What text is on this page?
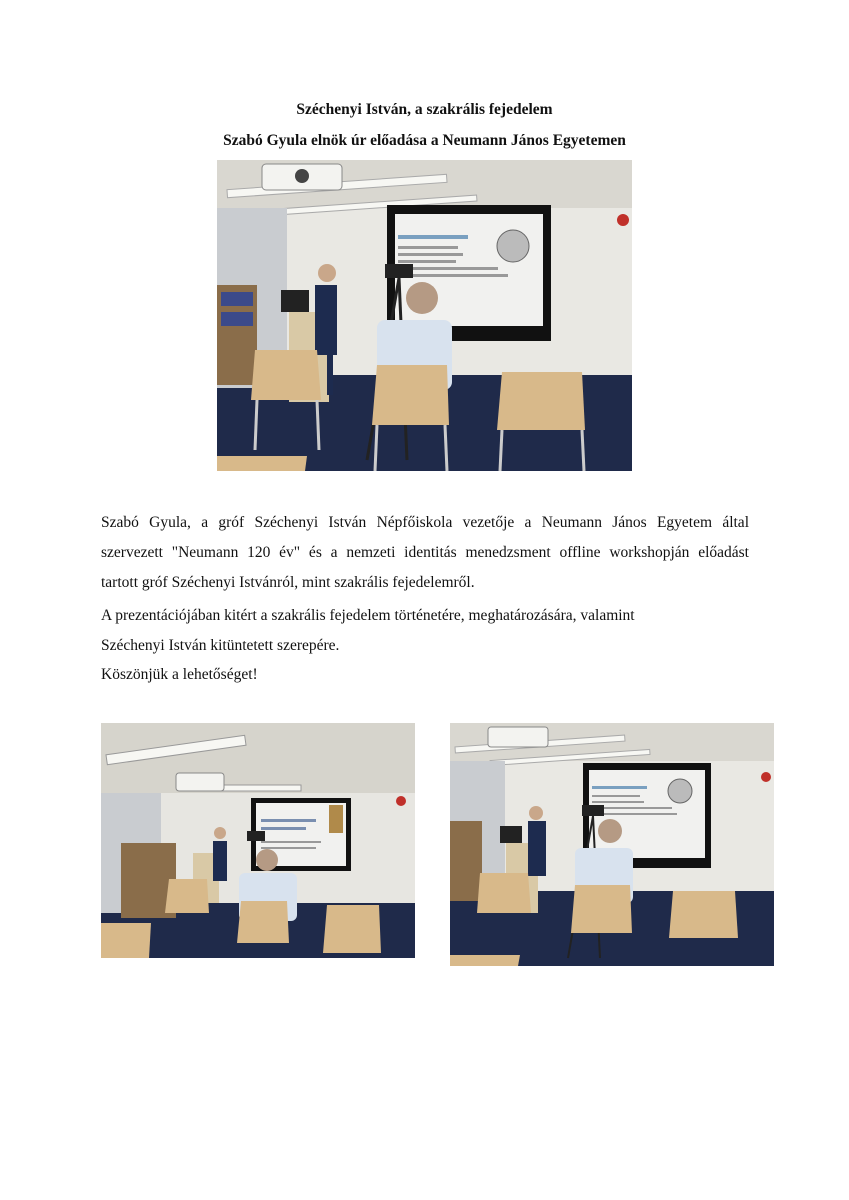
Széchenyi István, a szakrális fejedelem
Szabó Gyula elnök úr előadása a Neumann János Egyetemen

Szabó Gyula, a gróf Széchenyi István Népfőiskola vezetője a Neumann János Egyetem által
szervezett "Neumann 120 év" és a nemzeti identitás menedzsment offline workshopján előadást
tartott gróf Széchenyi Istvánról, mint szakrális fejedelemről.

A prezentációjában kitért a szakrális fejedelem történetére, meghatározására, valamint
Széchenyi István kitüntetett szerepére.

Köszönjük a lehetőséget!
